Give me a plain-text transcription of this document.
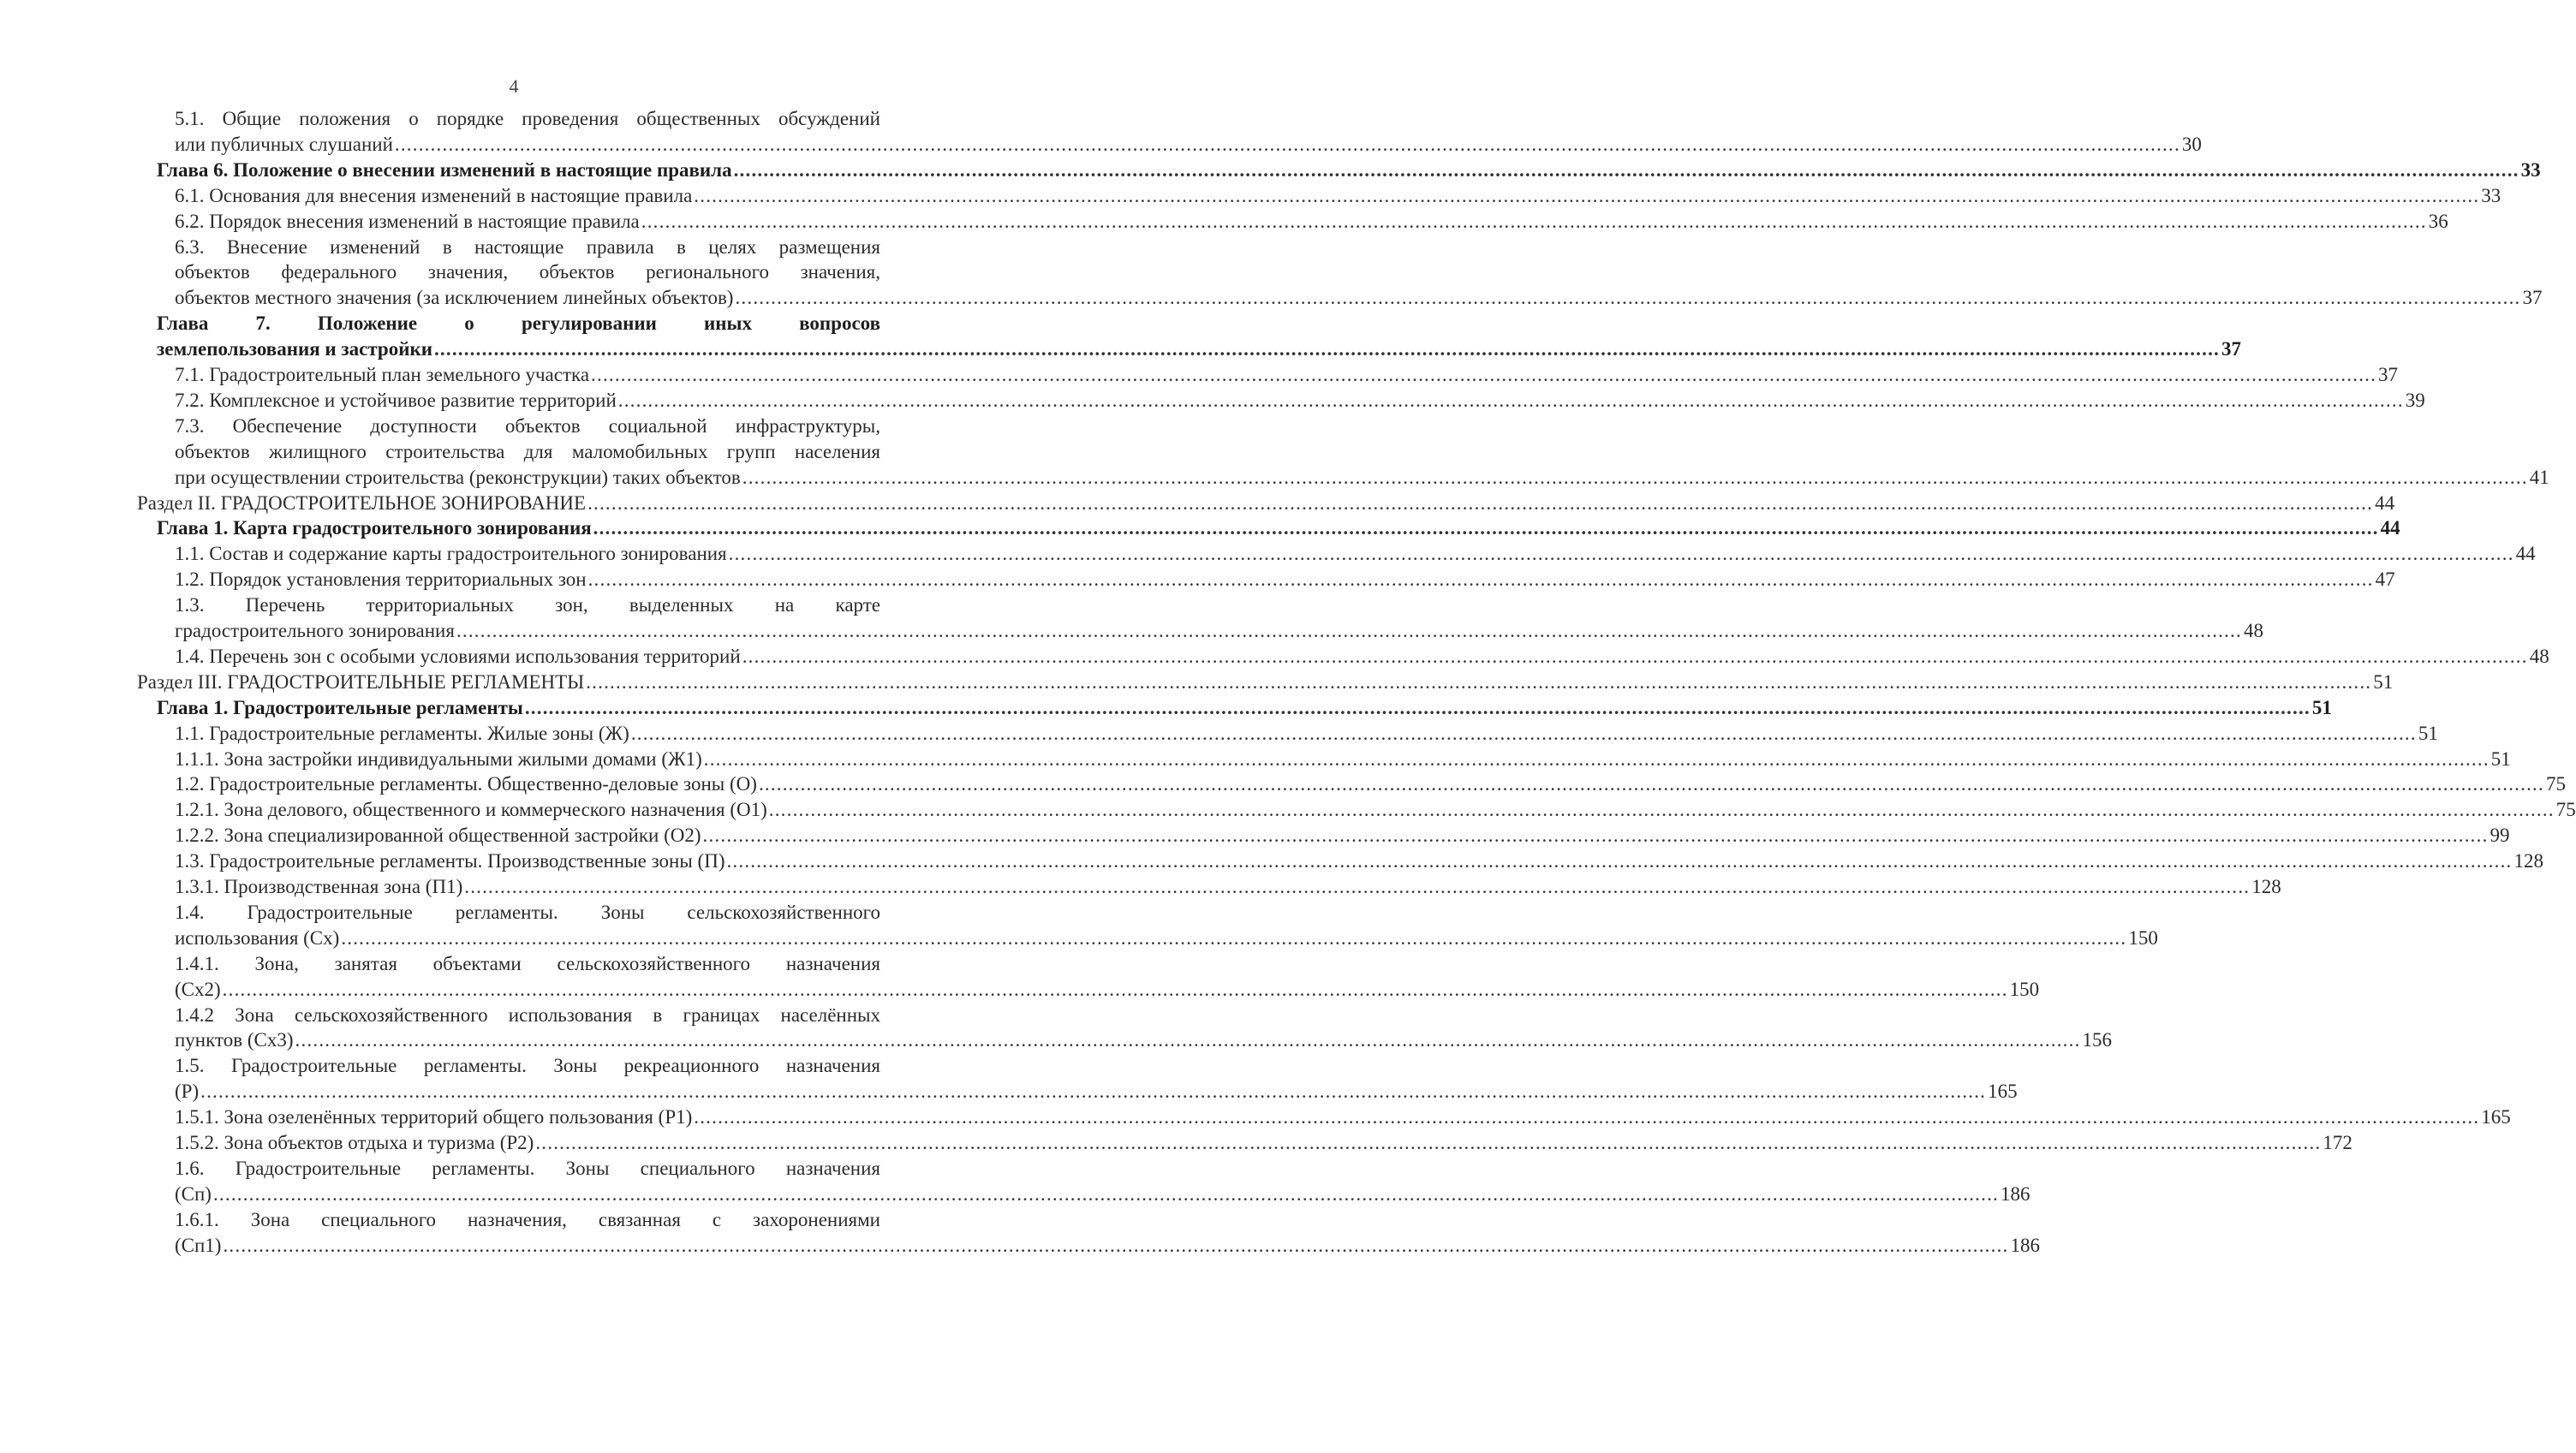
4
5.1. Общие положения о порядке проведения общественных обсуждений
или публичных слушаний ............................................................................................................................................................................................................................................................................................................ 30
Глава 6. Положение о внесении изменений в настоящие правила ............................................................................................................................................................................................................................................................................................................ 33
6.1. Основания для внесения изменений в настоящие правила ............................................................................................................................................................................................................................................................................................................ 33
6.2. Порядок внесения изменений в настоящие правила ............................................................................................................................................................................................................................................................................................................ 36
6.3. Внесение изменений в настоящие правила в целях размещения
объектов федерального значения, объектов регионального значения,
объектов местного значения (за исключением линейных объектов) ............................................................................................................................................................................................................................................................................................................ 37
Глава 7. Положение о регулировании иных вопросов
землепользования и застройки ............................................................................................................................................................................................................................................................................................................ 37
7.1. Градостроительный план земельного участка ............................................................................................................................................................................................................................................................................................................ 37
7.2. Комплексное и устойчивое развитие территорий ............................................................................................................................................................................................................................................................................................................ 39
7.3. Обеспечение доступности объектов социальной инфраструктуры,
объектов жилищного строительства для маломобильных групп населения
при осуществлении строительства (реконструкции) таких объектов ............................................................................................................................................................................................................................................................................................................ 41
Раздел II. ГРАДОСТРОИТЕЛЬНОЕ ЗОНИРОВАНИЕ ............................................................................................................................................................................................................................................................................................................ 44
Глава 1. Карта градостроительного зонирования ............................................................................................................................................................................................................................................................................................................ 44
1.1. Состав и содержание карты градостроительного зонирования ............................................................................................................................................................................................................................................................................................................ 44
1.2. Порядок установления территориальных зон ............................................................................................................................................................................................................................................................................................................ 47
1.3. Перечень территориальных зон, выделенных на карте
градостроительного зонирования ............................................................................................................................................................................................................................................................................................................ 48
1.4. Перечень зон с особыми условиями использования территорий ............................................................................................................................................................................................................................................................................................................ 48
Раздел III. ГРАДОСТРОИТЕЛЬНЫЕ РЕГЛАМЕНТЫ ............................................................................................................................................................................................................................................................................................................ 51
Глава 1. Градостроительные регламенты ............................................................................................................................................................................................................................................................................................................ 51
1.1. Градостроительные регламенты. Жилые зоны (Ж) ............................................................................................................................................................................................................................................................................................................ 51
1.1.1. Зона застройки индивидуальными жилыми домами (Ж1) ............................................................................................................................................................................................................................................................................................................ 51
1.2. Градостроительные регламенты. Общественно-деловые зоны (О) ............................................................................................................................................................................................................................................................................................................ 75
1.2.1. Зона делового, общественного и коммерческого назначения (О1) ............................................................................................................................................................................................................................................................................................................ 75
1.2.2. Зона специализированной общественной застройки (О2) ............................................................................................................................................................................................................................................................................................................ 99
1.3. Градостроительные регламенты. Производственные зоны (П) ............................................................................................................................................................................................................................................................................................................ 128
1.3.1. Производственная зона (П1) ............................................................................................................................................................................................................................................................................................................ 128
1.4. Градостроительные регламенты. Зоны сельскохозяйственного
использования (Сх) ............................................................................................................................................................................................................................................................................................................ 150
1.4.1. Зона, занятая объектами сельскохозяйственного назначения
(Сх2) ............................................................................................................................................................................................................................................................................................................ 150
1.4.2 Зона сельскохозяйственного использования в границах населённых
пунктов (Сх3) ............................................................................................................................................................................................................................................................................................................ 156
1.5. Градостроительные регламенты. Зоны рекреационного назначения
(Р) ............................................................................................................................................................................................................................................................................................................ 165
1.5.1. Зона озеленённых территорий общего пользования (Р1) ............................................................................................................................................................................................................................................................................................................ 165
1.5.2. Зона объектов отдыха и туризма (Р2) ............................................................................................................................................................................................................................................................................................................ 172
1.6. Градостроительные регламенты. Зоны специального назначения
(Сп) ............................................................................................................................................................................................................................................................................................................ 186
1.6.1. Зона специального назначения, связанная с захоронениями
(Сп1) ............................................................................................................................................................................................................................................................................................................ 186
